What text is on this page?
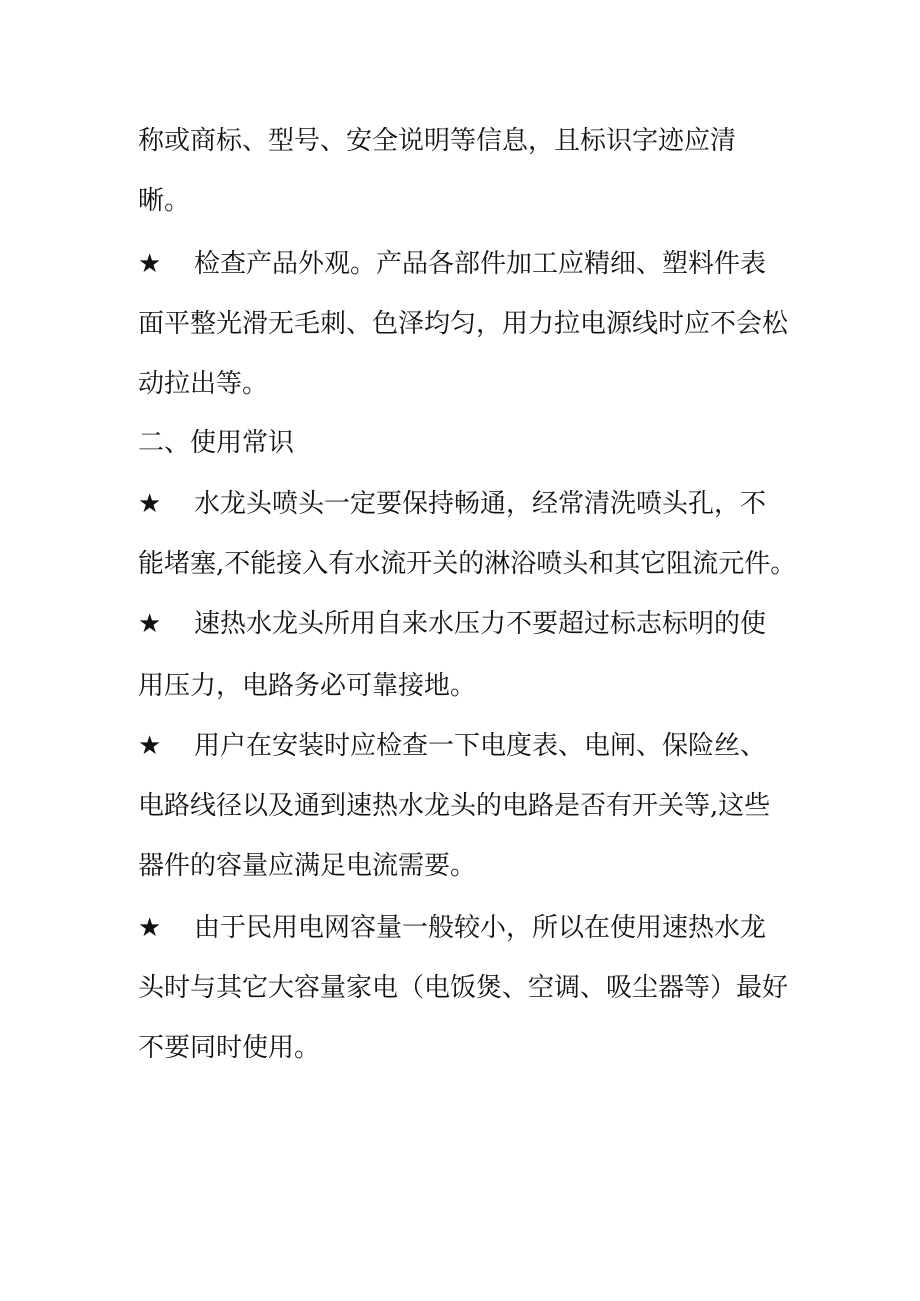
称或商标、型号、安全说明等信息，且标识字迹应清

晰。

★ 检查产品外观。产品各部件加工应精细、塑料件表

面平整光滑无毛刺、色泽均匀，用力拉电源线时应不会松

动拉出等。

二、使用常识

★ 水龙头喷头一定要保持畅通，经常清洗喷头孔，不

能堵塞,不能接入有水流开关的淋浴喷头和其它阻流元件。

★ 速热水龙头所用自来水压力不要超过标志标明的使

用压力，电路务必可靠接地。

★ 用户在安装时应检查一下电度表、电闸、保险丝、

电路线径以及通到速热水龙头的电路是否有开关等,这些

器件的容量应满足电流需要。

★ 由于民用电网容量一般较小，所以在使用速热水龙

头时与其它大容量家电（电饭煲、空调、吸尘器等）最好

不要同时使用。
